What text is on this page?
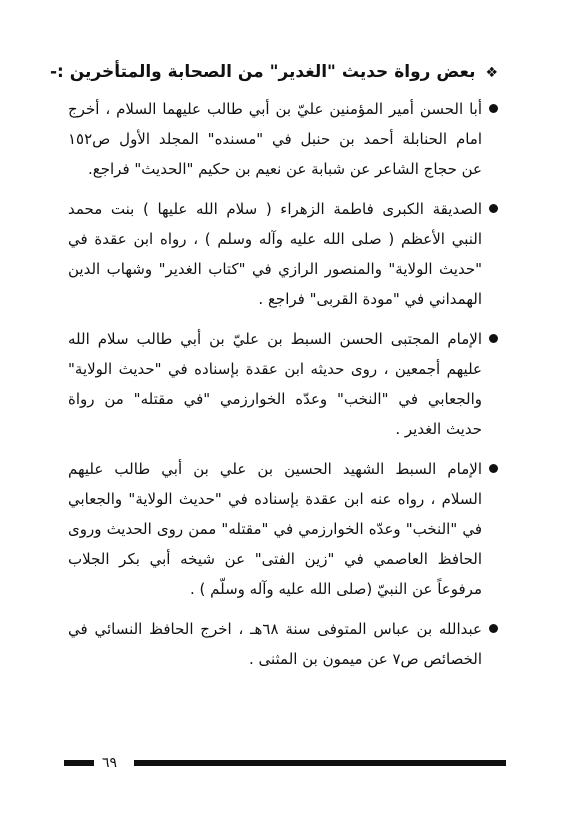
❖ بعض رواة حديث "الغدير" من الصحابة والمتأخرين :-
أبا الحسن أمير المؤمنين عليّ بن أبي طالب عليهما السلام ، أخرج
امام الحنابلة أحمد بن حنبل في "مسنده" المجلد الأول ص١٥٢
عن حجاج الشاعر عن شبابة عن نعيم بن حكيم "الحديث" فراجع.
الصديقة الكبرى فاطمة الزهراء ( سلام الله عليها ) بنت محمد
النبي الأعظم ( صلى الله عليه وآله وسلم ) ، رواه ابن عقدة في
"حديث الولاية" والمنصور الرازي في "كتاب الغدير" وشهاب الدين
الهمداني في "مودة القربى" فراجع .
الإمام المجتبى الحسن السبط بن عليّ بن أبي طالب سلام الله
عليهم أجمعين ، روى حديثه ابن عقدة بإسناده في "حديث الولاية"
والجعابي في "النخب" وعدّه الخوارزمي "في مقتله" من رواة
حديث الغدير .
الإمام السبط الشهيد الحسين بن علي بن أبي طالب عليهم
السلام ، رواه عنه ابن عقدة بإسناده في "حديث الولاية" والجعابي
في "النخب" وعدّه الخوارزمي في "مقتله" ممن روى الحديث وروى
الحافظ العاصمي في "زين الفتى" عن شيخه أبي بكر الجلاب
مرفوعاً عن النبيّ (صلى الله عليه وآله وسلّم ) .
عبدالله بن عباس المتوفى سنة ٦٨هـ ، اخرج الحافظ النسائي في
الخصائص ص٧ عن ميمون بن المثنى .
٦٩
